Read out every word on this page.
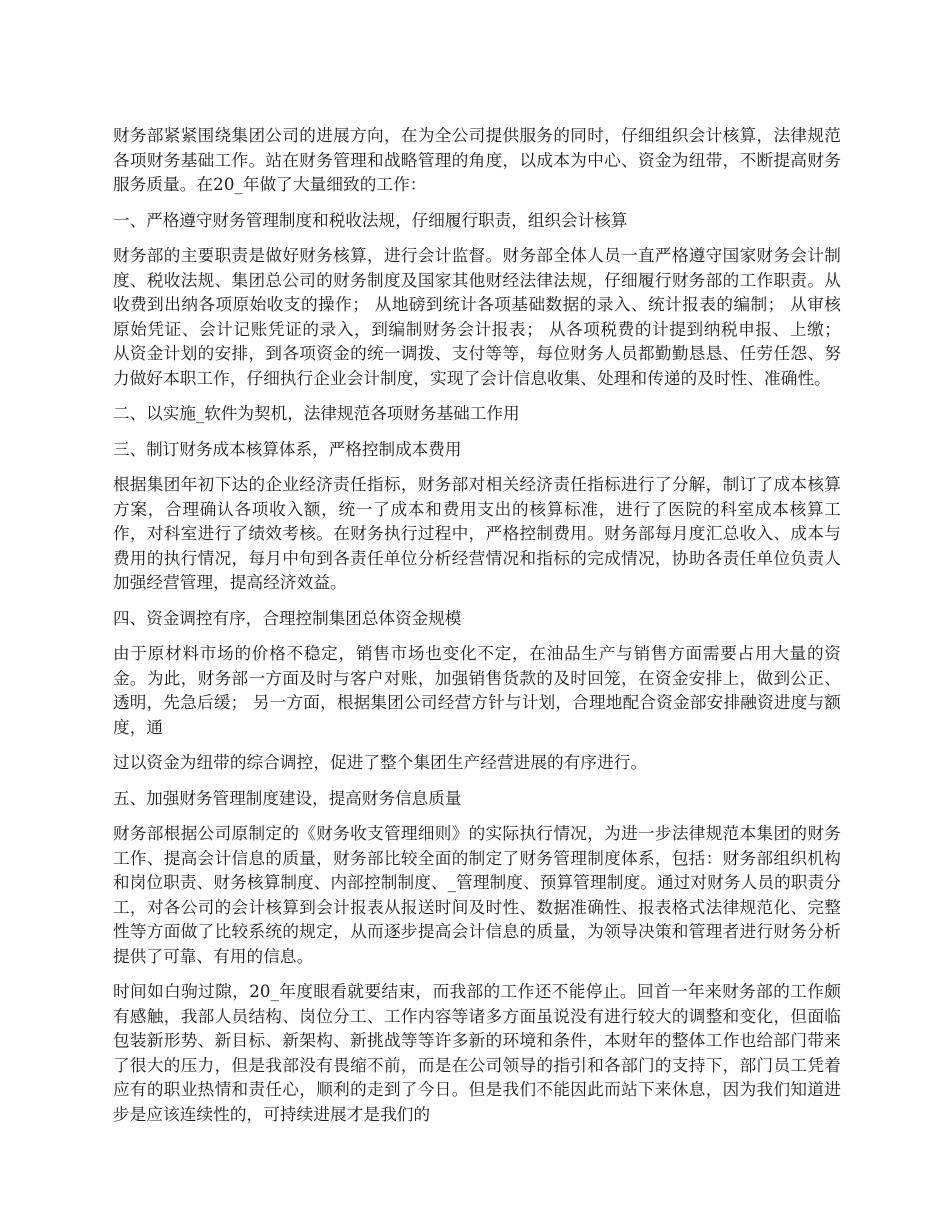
财务部紧紧围绕集团公司的进展方向，在为全公司提供服务的同时，仔细组织会计核算，法律规范各项财务基础工作。站在财务管理和战略管理的角度，以成本为中心、资金为纽带，不断提高财务服务质量。在20_年做了大量细致的工作：

一、严格遵守财务管理制度和税收法规，仔细履行职责，组织会计核算

财务部的主要职责是做好财务核算，进行会计监督。财务部全体人员一直严格遵守国家财务会计制度、税收法规、集团总公司的财务制度及国家其他财经法律法规，仔细履行财务部的工作职责。从收费到出纳各项原始收支的操作； 从地磅到统计各项基础数据的录入、统计报表的编制； 从审核原始凭证、会计记账凭证的录入，到编制财务会计报表； 从各项税费的计提到纳税申报、上缴； 从资金计划的安排，到各项资金的统一调拨、支付等等，每位财务人员都勤勤恳恳、任劳任怨、努力做好本职工作，仔细执行企业会计制度，实现了会计信息收集、处理和传递的及时性、准确性。

二、以实施_软件为契机，法律规范各项财务基础工作用

三、制订财务成本核算体系，严格控制成本费用

根据集团年初下达的企业经济责任指标，财务部对相关经济责任指标进行了分解，制订了成本核算方案，合理确认各项收入额，统一了成本和费用支出的核算标准，进行了医院的科室成本核算工作，对科室进行了绩效考核。在财务执行过程中，严格控制费用。财务部每月度汇总收入、成本与费用的执行情况，每月中旬到各责任单位分析经营情况和指标的完成情况，协助各责任单位负责人加强经营管理，提高经济效益。

四、资金调控有序，合理控制集团总体资金规模

由于原材料市场的价格不稳定，销售市场也变化不定，在油品生产与销售方面需要占用大量的资金。为此，财务部一方面及时与客户对账，加强销售货款的及时回笼，在资金安排上，做到公正、透明，先急后缓； 另一方面，根据集团公司经营方针与计划，合理地配合资金部安排融资进度与额度，通

过以资金为纽带的综合调控，促进了整个集团生产经营进展的有序进行。

五、加强财务管理制度建设，提高财务信息质量

财务部根据公司原制定的《财务收支管理细则》的实际执行情况，为进一步法律规范本集团的财务工作、提高会计信息的质量，财务部比较全面的制定了财务管理制度体系，包括：财务部组织机构和岗位职责、财务核算制度、内部控制制度、_管理制度、预算管理制度。通过对财务人员的职责分工，对各公司的会计核算到会计报表从报送时间及时性、数据准确性、报表格式法律规范化、完整性等方面做了比较系统的规定，从而逐步提高会计信息的质量，为领导决策和管理者进行财务分析提供了可靠、有用的信息。

时间如白驹过隙，20_年度眼看就要结束，而我部的工作还不能停止。回首一年来财务部的工作颇有感触，我部人员结构、岗位分工、工作内容等诸多方面虽说没有进行较大的调整和变化，但面临包装新形势、新目标、新架构、新挑战等等许多新的环境和条件，本财年的整体工作也给部门带来了很大的压力，但是我部没有畏缩不前，而是在公司领导的指引和各部门的支持下，部门员工凭着应有的职业热情和责任心，顺利的走到了今日。但是我们不能因此而站下来休息，因为我们知道进步是应该连续性的，可持续进展才是我们的
